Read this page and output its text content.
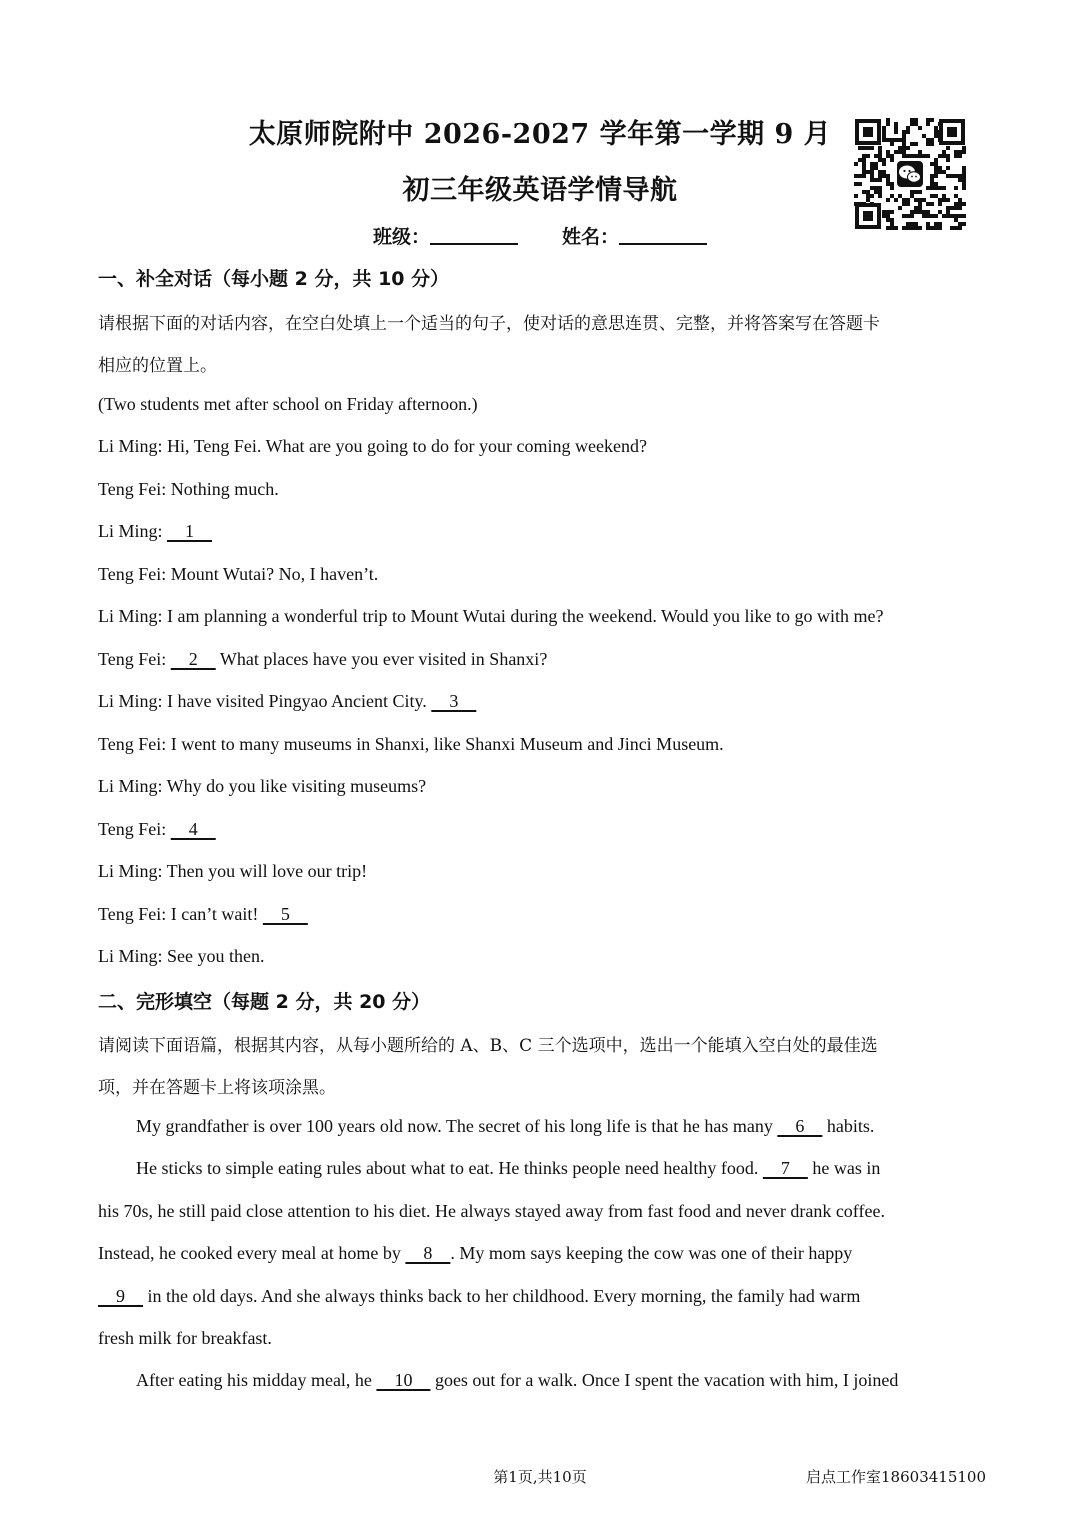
太原师院附中 2026-2027 学年第一学期 9 月
初三年级英语学情导航
班级：	姓名：
一、补全对话（每小题 2 分，共 10 分）
请根据下面的对话内容，在空白处填上一个适当的句子，使对话的意思连贯、完整，并将答案写在答题卡
相应的位置上。
(Two students met after school on Friday afternoon.)
Li Ming: Hi, Teng Fei. What are you going to do for your coming weekend?
Teng Fei: Nothing much.
Li Ming:     1
Teng Fei: Mount Wutai? No, I haven’t.
Li Ming: I am planning a wonderful trip to Mount Wutai during the weekend. Would you like to go with me?
Teng Fei:     2     What places have you ever visited in Shanxi?
Li Ming: I have visited Pingyao Ancient City.     3
Teng Fei: I went to many museums in Shanxi, like Shanxi Museum and Jinci Museum.
Li Ming: Why do you like visiting museums?
Teng Fei:     4
Li Ming: Then you will love our trip!
Teng Fei: I can’t wait!     5
Li Ming: See you then.
二、完形填空（每题 2 分，共 20 分）
请阅读下面语篇，根据其内容，从每小题所给的 A、B、C 三个选项中，选出一个能填入空白处的最佳选
项，并在答题卡上将该项涂黑。
My grandfather is over 100 years old now. The secret of his long life is that he has many     6     habits.
He sticks to simple eating rules about what to eat. He thinks people need healthy food.     7     he was in
his 70s, he still paid close attention to his diet. He always stayed away from fast food and never drank coffee.
Instead, he cooked every meal at home by     8    . My mom says keeping the cow was one of their happy
9     in the old days. And she always thinks back to her childhood. Every morning, the family had warm
fresh milk for breakfast.
After eating his midday meal, he     10     goes out for a walk. Once I spent the vacation with him, I joined
第1页,共10页	启点工作室18603415100
